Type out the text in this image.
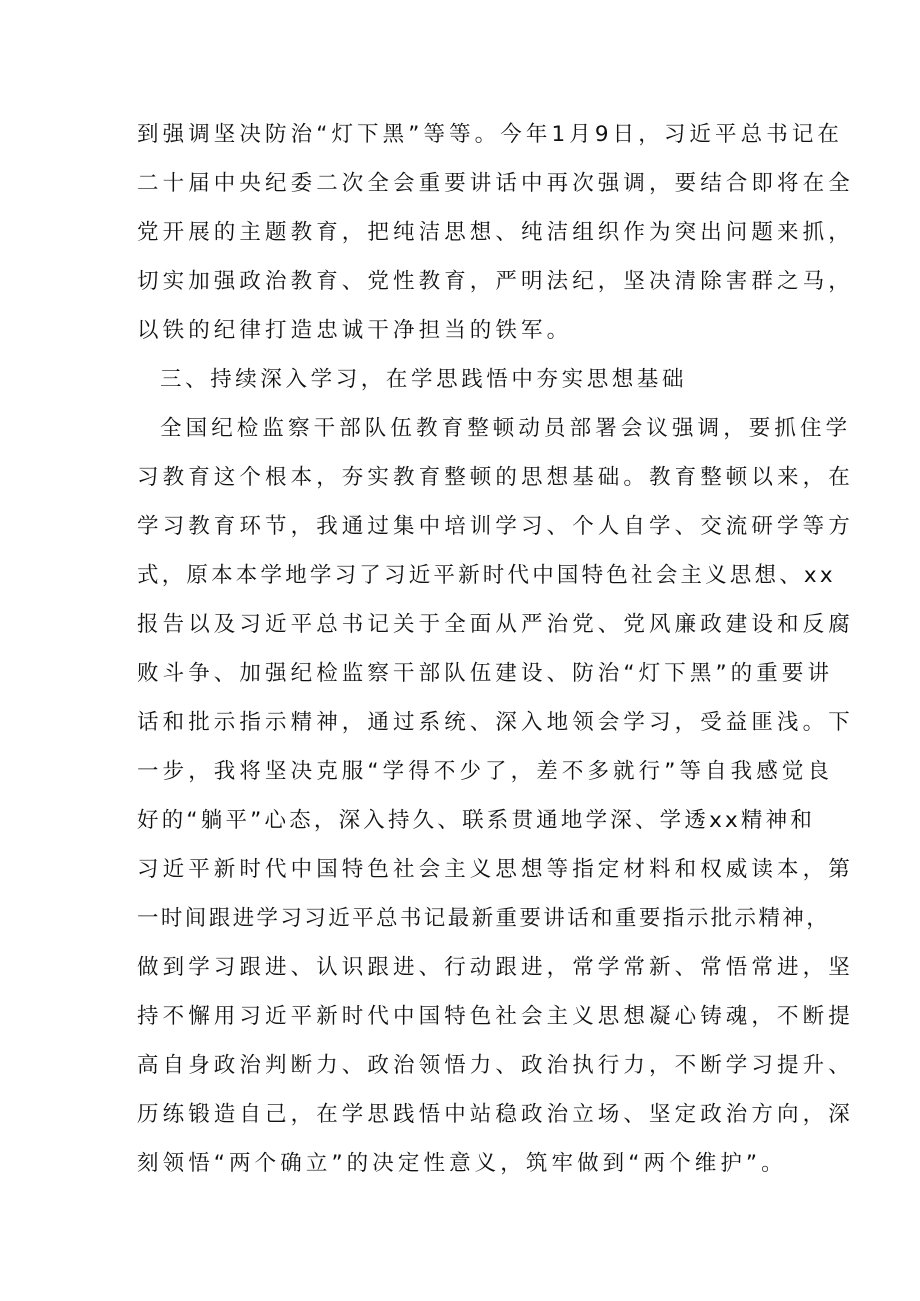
到强调坚决防治“灯下黑”等等。今年1月9日，习近平总书记在
二十届中央纪委二次全会重要讲话中再次强调，要结合即将在全
党开展的主题教育，把纯洁思想、纯洁组织作为突出问题来抓，
切实加强政治教育、党性教育，严明法纪，坚决清除害群之马，
以铁的纪律打造忠诚干净担当的铁军。
三、持续深入学习，在学思践悟中夯实思想基础
全国纪检监察干部队伍教育整顿动员部署会议强调，要抓住学
习教育这个根本，夯实教育整顿的思想基础。教育整顿以来，在
学习教育环节，我通过集中培训学习、个人自学、交流研学等方
式，原本本学地学习了习近平新时代中国特色社会主义思想、xx
报告以及习近平总书记关于全面从严治党、党风廉政建设和反腐
败斗争、加强纪检监察干部队伍建设、防治“灯下黑”的重要讲
话和批示指示精神，通过系统、深入地领会学习，受益匪浅。下
一步，我将坚决克服“学得不少了，差不多就行”等自我感觉良
好的“躺平”心态，深入持久、联系贯通地学深、学透xx精神和
习近平新时代中国特色社会主义思想等指定材料和权威读本，第
一时间跟进学习习近平总书记最新重要讲话和重要指示批示精神，
做到学习跟进、认识跟进、行动跟进，常学常新、常悟常进，坚
持不懈用习近平新时代中国特色社会主义思想凝心铸魂，不断提
高自身政治判断力、政治领悟力、政治执行力，不断学习提升、
历练锻造自己，在学思践悟中站稳政治立场、坚定政治方向，深
刻领悟“两个确立”的决定性意义，筑牢做到“两个维护”。
